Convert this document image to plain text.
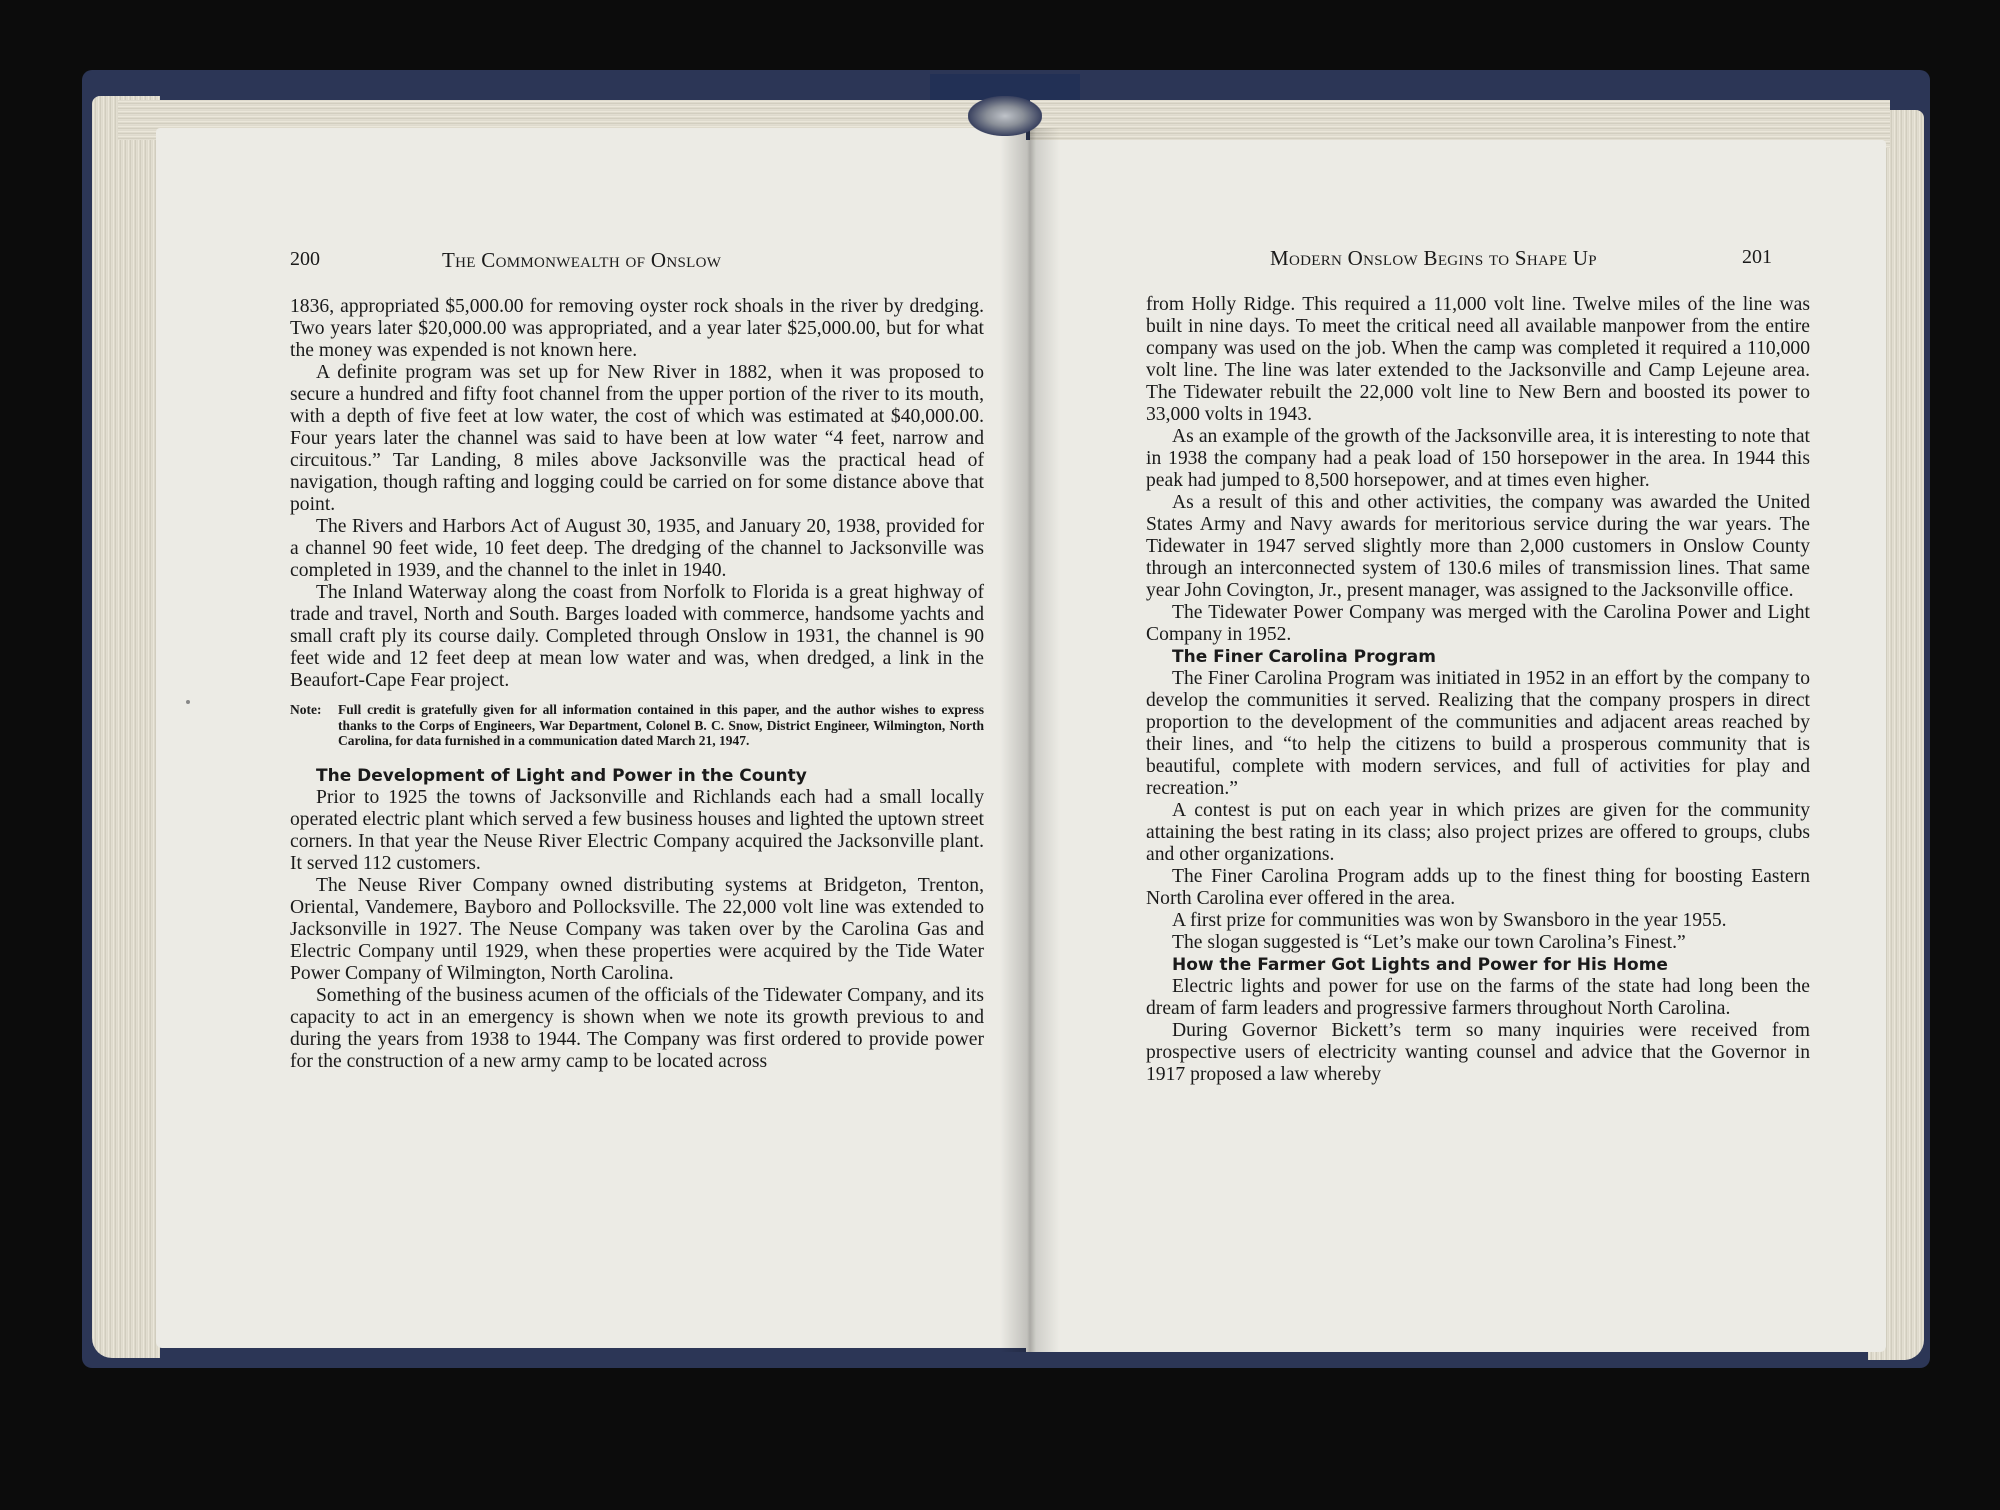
200	The Commonwealth of Onslow

1836, appropriated $5,000.00 for removing oyster rock shoals in the river by dredging. Two years later $20,000.00 was appropriated, and a year later $25,000.00, but for what the money was expended is not known here.

A definite program was set up for New River in 1882, when it was proposed to secure a hundred and fifty foot channel from the upper portion of the river to its mouth, with a depth of five feet at low water, the cost of which was estimated at $40,000.00. Four years later the channel was said to have been at low water “4 feet, narrow and circuitous.” Tar Landing, 8 miles above Jacksonville was the practical head of navigation, though rafting and logging could be carried on for some distance above that point.

The Rivers and Harbors Act of August 30, 1935, and January 20, 1938, provided for a channel 90 feet wide, 10 feet deep. The dredging of the channel to Jacksonville was completed in 1939, and the channel to the inlet in 1940.

The Inland Waterway along the coast from Norfolk to Florida is a great highway of trade and travel, North and South. Barges loaded with commerce, handsome yachts and small craft ply its course daily. Completed through Onslow in 1931, the channel is 90 feet wide and 12 feet deep at mean low water and was, when dredged, a link in the Beaufort-Cape Fear project.

Note:	Full credit is gratefully given for all information contained in this paper, and the author wishes to express thanks to the Corps of Engineers, War Department, Colonel B. C. Snow, District Engineer, Wilmington, North Carolina, for data furnished in a communication dated March 21, 1947.

The Development of Light and Power in the County

Prior to 1925 the towns of Jacksonville and Richlands each had a small locally operated electric plant which served a few business houses and lighted the uptown street corners. In that year the Neuse River Electric Company acquired the Jacksonville plant. It served 112 customers.

The Neuse River Company owned distributing systems at Bridgeton, Trenton, Oriental, Vandemere, Bayboro and Pollocksville. The 22,000 volt line was extended to Jacksonville in 1927. The Neuse Company was taken over by the Carolina Gas and Electric Company until 1929, when these properties were acquired by the Tide Water Power Company of Wilmington, North Carolina.

Something of the business acumen of the officials of the Tidewater Company, and its capacity to act in an emergency is shown when we note its growth previous to and during the years from 1938 to 1944. The Company was first ordered to provide power for the construction of a new army camp to be located across

Modern Onslow Begins to Shape Up	201

from Holly Ridge. This required a 11,000 volt line. Twelve miles of the line was built in nine days. To meet the critical need all available manpower from the entire company was used on the job. When the camp was completed it required a 110,000 volt line. The line was later extended to the Jacksonville and Camp Lejeune area. The Tidewater rebuilt the 22,000 volt line to New Bern and boosted its power to 33,000 volts in 1943.

As an example of the growth of the Jacksonville area, it is interesting to note that in 1938 the company had a peak load of 150 horsepower in the area. In 1944 this peak had jumped to 8,500 horsepower, and at times even higher.

As a result of this and other activities, the company was awarded the United States Army and Navy awards for meritorious service during the war years. The Tidewater in 1947 served slightly more than 2,000 customers in Onslow County through an interconnected system of 130.6 miles of transmission lines. That same year John Covington, Jr., present manager, was assigned to the Jacksonville office.

The Tidewater Power Company was merged with the Carolina Power and Light Company in 1952.

The Finer Carolina Program

The Finer Carolina Program was initiated in 1952 in an effort by the company to develop the communities it served. Realizing that the company prospers in direct proportion to the development of the communities and adjacent areas reached by their lines, and “to help the citizens to build a prosperous community that is beautiful, complete with modern services, and full of activities for play and recreation.”

A contest is put on each year in which prizes are given for the community attaining the best rating in its class; also project prizes are offered to groups, clubs and other organizations.

The Finer Carolina Program adds up to the finest thing for boosting Eastern North Carolina ever offered in the area.

A first prize for communities was won by Swansboro in the year 1955.

The slogan suggested is “Let’s make our town Carolina’s Finest.”

How the Farmer Got Lights and Power for His Home

Electric lights and power for use on the farms of the state had long been the dream of farm leaders and progressive farmers throughout North Carolina.

During Governor Bickett’s term so many inquiries were received from prospective users of electricity wanting counsel and advice that the Governor in 1917 proposed a law whereby
